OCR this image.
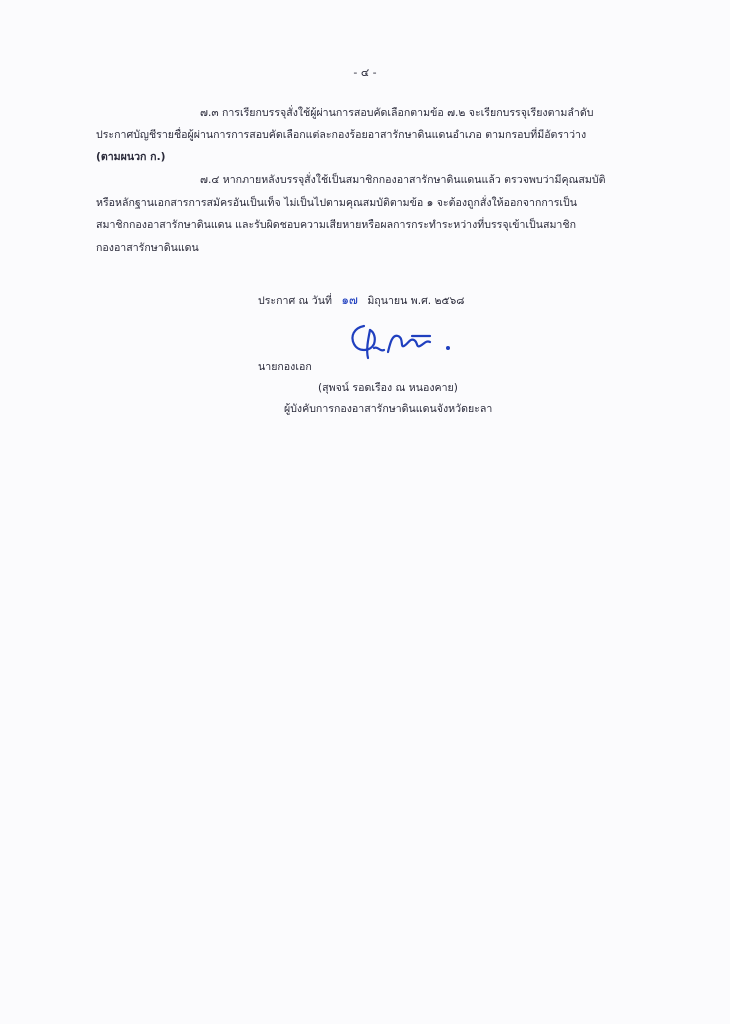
- ๔ -
๗.๓ การเรียกบรรจุสั่งใช้ผู้ผ่านการสอบคัดเลือกตามข้อ ๗.๒ จะเรียกบรรจุเรียงตามลำดับ
ประกาศบัญชีรายชื่อผู้ผ่านการการสอบคัดเลือกแต่ละกองร้อยอาสารักษาดินแดนอำเภอ ตามกรอบที่มีอัตราว่าง
(ตามผนวก ก.)
๗.๔ หากภายหลังบรรจุสั่งใช้เป็นสมาชิกกองอาสารักษาดินแดนแล้ว ตรวจพบว่ามีคุณสมบัติ
หรือหลักฐานเอกสารการสมัครอันเป็นเท็จ ไม่เป็นไปตามคุณสมบัติตามข้อ ๑ จะต้องถูกสั่งให้ออกจากการเป็น
สมาชิกกองอาสารักษาดินแดน และรับผิดชอบความเสียหายหรือผลการกระทำระหว่างที่บรรจุเข้าเป็นสมาชิก
กองอาสารักษาดินแดน
ประกาศ ณ วันที่ ๑๗ มิถุนายน พ.ศ. ๒๕๖๘
นายกองเอก
(สุพจน์ รอดเรือง ณ หนองคาย)
ผู้บังคับการกองอาสารักษาดินแดนจังหวัดยะลา
